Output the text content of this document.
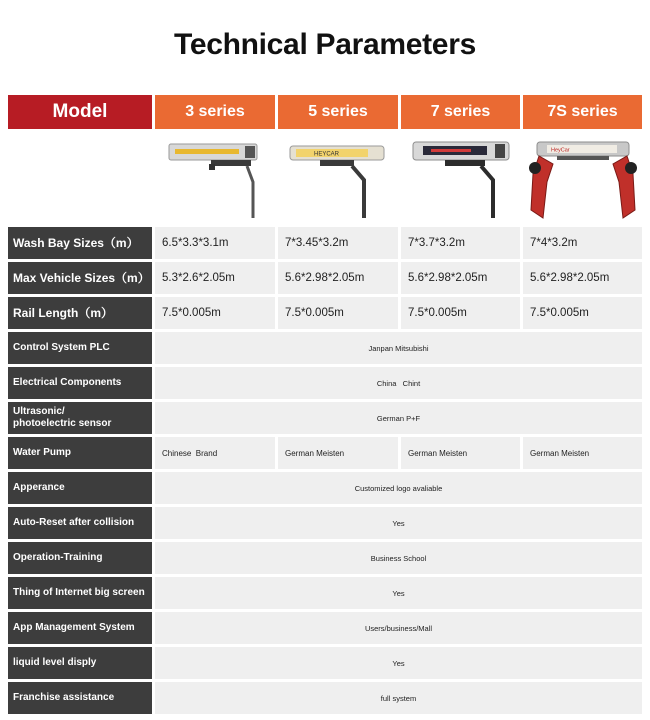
Technical Parameters
Model	3 series	5 series	7 series	7S series
HEYCAR
HeyCar
Wash Bay Sizes（m）	6.5*3.3*3.1m	7*3.45*3.2m	7*3.7*3.2m	7*4*3.2m
Max Vehicle Sizes（m）	5.3*2.6*2.05m	5.6*2.98*2.05m	5.6*2.98*2.05m	5.6*2.98*2.05m
Rail Length（m）	7.5*0.005m	7.5*0.005m	7.5*0.005m	7.5*0.005m
Control System PLC	Janpan Mitsubishi
Electrical Components	China   Chint
Ultrasonic/
photoelectric sensor	German P+F
Water Pump	Chinese  Brand	German Meisten	German Meisten	German Meisten
Apperance	Customized logo avaliable
Auto-Reset after collision	Yes
Operation-Training	Business School
Thing of Internet big screen	Yes
App Management System	Users/business/Mall
liquid level disply	Yes
Franchise assistance	full system
